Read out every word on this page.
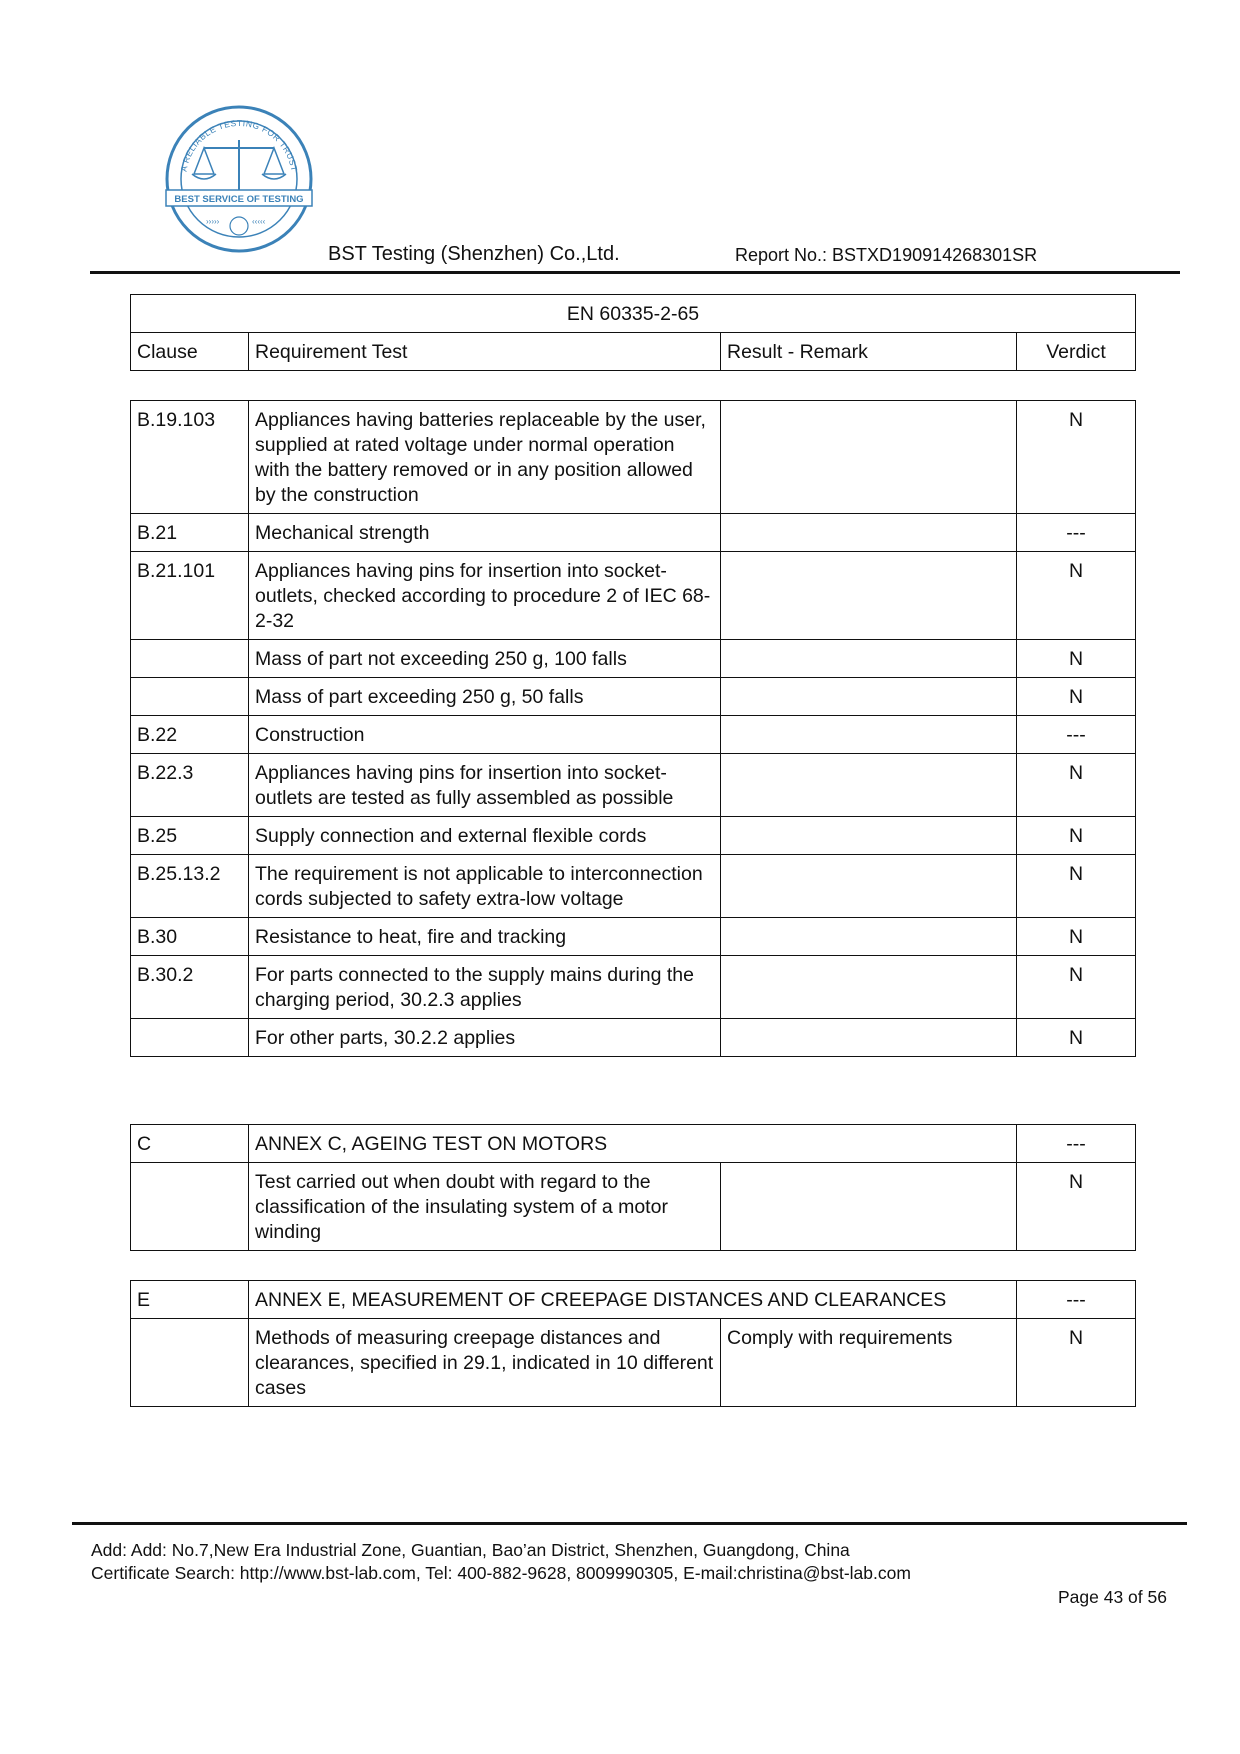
A RELIABLE TESTING FOR TRUST
BEST SERVICE OF TESTING
›››››	‹‹‹‹‹
BST Testing (Shenzhen) Co.,Ltd.	Report No.: BSTXD190914268301SR
EN 60335-2-65
Clause	Requirement Test	Result - Remark	Verdict
B.19.103	Appliances having batteries replaceable by the user, supplied at rated voltage under normal operation with the battery removed or in any position allowed by the construction		N
B.21	Mechanical strength		---
B.21.101	Appliances having pins for insertion into socket-outlets, checked according to procedure 2 of IEC 68-2-32		N
	Mass of part not exceeding 250 g, 100 falls		N
	Mass of part exceeding 250 g, 50 falls		N
B.22	Construction		---
B.22.3	Appliances having pins for insertion into socket-outlets are tested as fully assembled as possible		N
B.25	Supply connection and external flexible cords		N
B.25.13.2	The requirement is not applicable to interconnection cords subjected to safety extra-low voltage		N
B.30	Resistance to heat, fire and tracking		N
B.30.2	For parts connected to the supply mains during the charging period, 30.2.3 applies		N
	For other parts, 30.2.2 applies		N
C	ANNEX C, AGEING TEST ON MOTORS		---
	Test carried out when doubt with regard to the classification of the insulating system of a motor winding		N
E	ANNEX E, MEASUREMENT OF CREEPAGE DISTANCES AND CLEARANCES		---
	Methods of measuring creepage distances and clearances, specified in 29.1, indicated in 10 different cases	Comply with requirements	N
Add: Add: No.7,New Era Industrial Zone, Guantian, Bao’an District, Shenzhen, Guangdong, China
Certificate Search: http://www.bst-lab.com, Tel: 400-882-9628, 8009990305, E-mail:christina@bst-lab.com
Page 43 of 56
